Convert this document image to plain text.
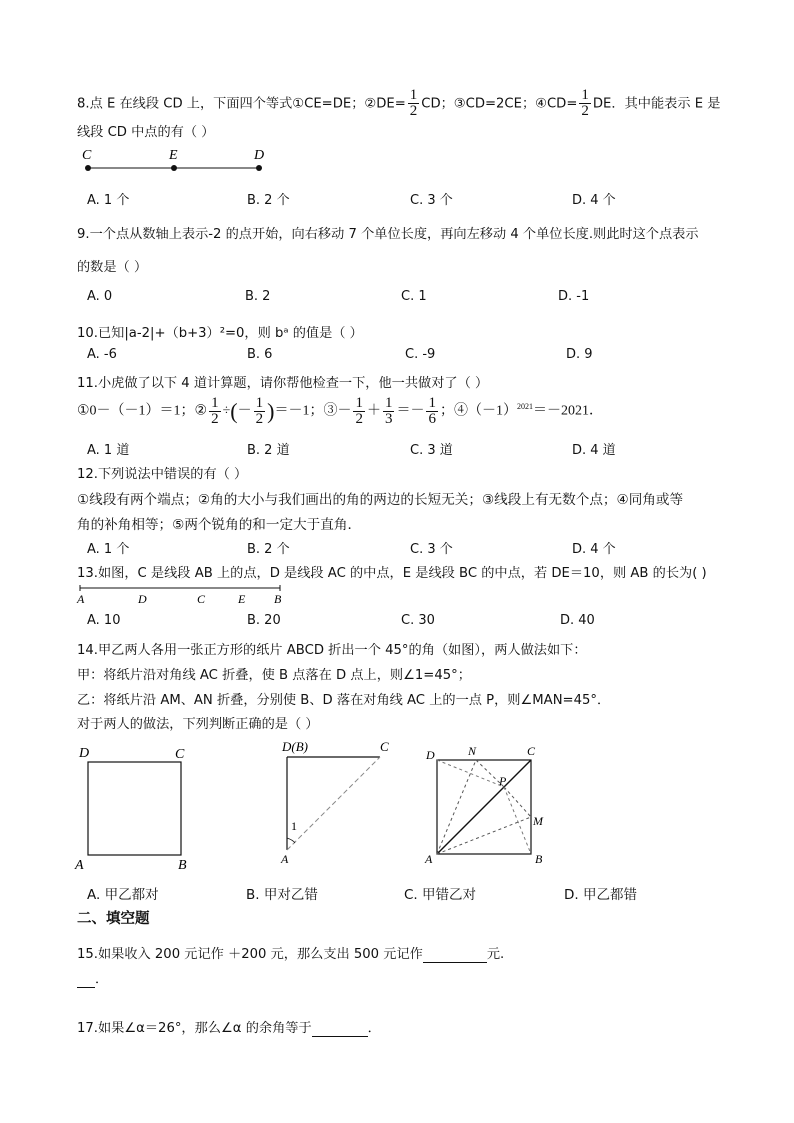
8.点 E 在线段 CD 上，下面四个等式①CE=DE；②DE= $\frac{1}{2}$ CD；③CD=2CE；④CD= $\frac{1}{2}$ DE．其中能表示 E 是
线段 CD 中点的有（ ）
C	E	D
A. 1 个	B. 2 个	C. 3 个	D. 4 个
9.一个点从数轴上表示-2 的点开始，向右移动 7 个单位长度，再向左移动 4 个单位长度.则此时这个点表示
的数是（ ）
A. 0	B. 2	C. 1	D. -1
10.已知|a-2|+（b+3）²=0，则 bᵃ 的值是（ ）
A. -6	B. 6	C. -9	D. 9
11.小虎做了以下 4 道计算题，请你帮他检查一下，他一共做对了（ ）
①0－（－1）＝1；② $\frac{1}{2}$ ÷(－ $\frac{1}{2} )=-1$；③－ $\frac{1}{2} + \frac{1}{3} =- \frac{1}{6}$ ；$④(-1)^{2021}=-2021$．
A. 1 道	B. 2 道	C. 3 道	D. 4 道
12.下列说法中错误的有（ ）
①线段有两个端点；②角的大小与我们画出的角的两边的长短无关；③线段上有无数个点；④同角或等
角的补角相等；⑤两个锐角的和一定大于直角．
A. 1 个	B. 2 个	C. 3 个	D. 4 个
13.如图，C 是线段 AB 上的点，D 是线段 AC 的中点，E 是线段 BC 的中点，若 DE＝10，则 AB 的长为( )
A	D	C	E B
A. 10	B. 20	C. 30	D. 40
14.甲乙两人各用一张正方形的纸片 ABCD 折出一个 45°的角（如图），两人做法如下：
甲：将纸片沿对角线 AC 折叠，使 B 点落在 D 点上，则∠1=45°；
乙：将纸片沿 AM、AN 折叠，分别使 B、D 落在对角线 AC 上的一点 P，则∠MAN=45°．
对于两人的做法，下列判断正确的是（ ）
D	C
A	B
D(B)	C
A
1
D	N	C
P
M
A	B
A. 甲乙都对	B. 甲对乙错	C. 甲错乙对	D. 甲乙都错
二、填空题
15.如果收入 200 元记作 ＋200 元，那么支出 500 元记作	元.
．
17.如果∠α＝26°，那么∠α 的余角等于	．
